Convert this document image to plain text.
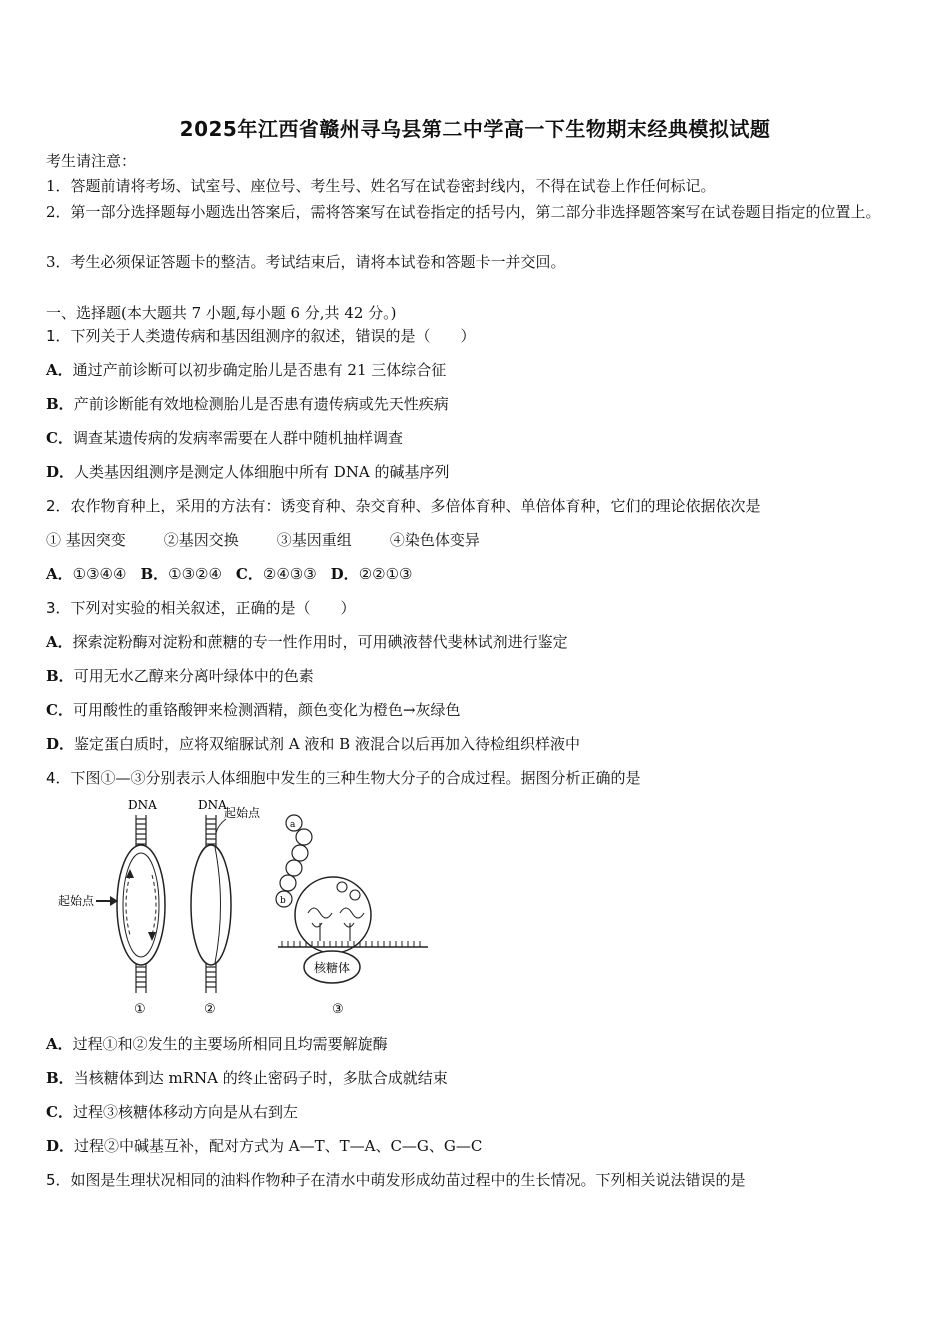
2025年江西省赣州寻乌县第二中学高一下生物期末经典模拟试题
考生请注意：
1．答题前请将考场、试室号、座位号、考生号、姓名写在试卷密封线内，不得在试卷上作任何标记。
2．第一部分选择题每小题选出答案后，需将答案写在试卷指定的括号内，第二部分非选择题答案写在试卷题目指定的位置上。
3．考生必须保证答题卡的整洁。考试结束后，请将本试卷和答题卡一并交回。
一、选择题(本大题共 7 小题,每小题 6 分,共 42 分。)
1．下列关于人类遗传病和基因组测序的叙述，错误的是（　　）
A．通过产前诊断可以初步确定胎儿是否患有 21 三体综合征
B．产前诊断能有效地检测胎儿是否患有遗传病或先天性疾病
C．调查某遗传病的发病率需要在人群中随机抽样调查
D．人类基因组测序是测定人体细胞中所有 DNA 的碱基序列
2．农作物育种上，采用的方法有：诱变育种、杂交育种、多倍体育种、单倍体育种，它们的理论依据依次是
① 基因突变	②基因交换	③基因重组	④染色体变异
A．①③④④ B．①③②④ C．②④③③ D．②②①③
3．下列对实验的相关叙述，正确的是（　　）
A．探索淀粉酶对淀粉和蔗糖的专一性作用时，可用碘液替代斐林试剂进行鉴定
B．可用无水乙醇来分离叶绿体中的色素
C．可用酸性的重铬酸钾来检测酒精，颜色变化为橙色→灰绿色
D．鉴定蛋白质时，应将双缩脲试剂 A 液和 B 液混合以后再加入待检组织样液中
4．下图①—③分别表示人体细胞中发生的三种生物大分子的合成过程。据图分析正确的是
DNA
起始点
①
DNA
起始点
②
a
b
核糖体
③
A．过程①和②发生的主要场所相同且均需要解旋酶
B．当核糖体到达 mRNA 的终止密码子时，多肽合成就结束
C．过程③核糖体移动方向是从右到左
D．过程②中碱基互补，配对方式为 A—T、T—A、C—G、G—C
5．如图是生理状况相同的油料作物种子在清水中萌发形成幼苗过程中的生长情况。下列相关说法错误的是
